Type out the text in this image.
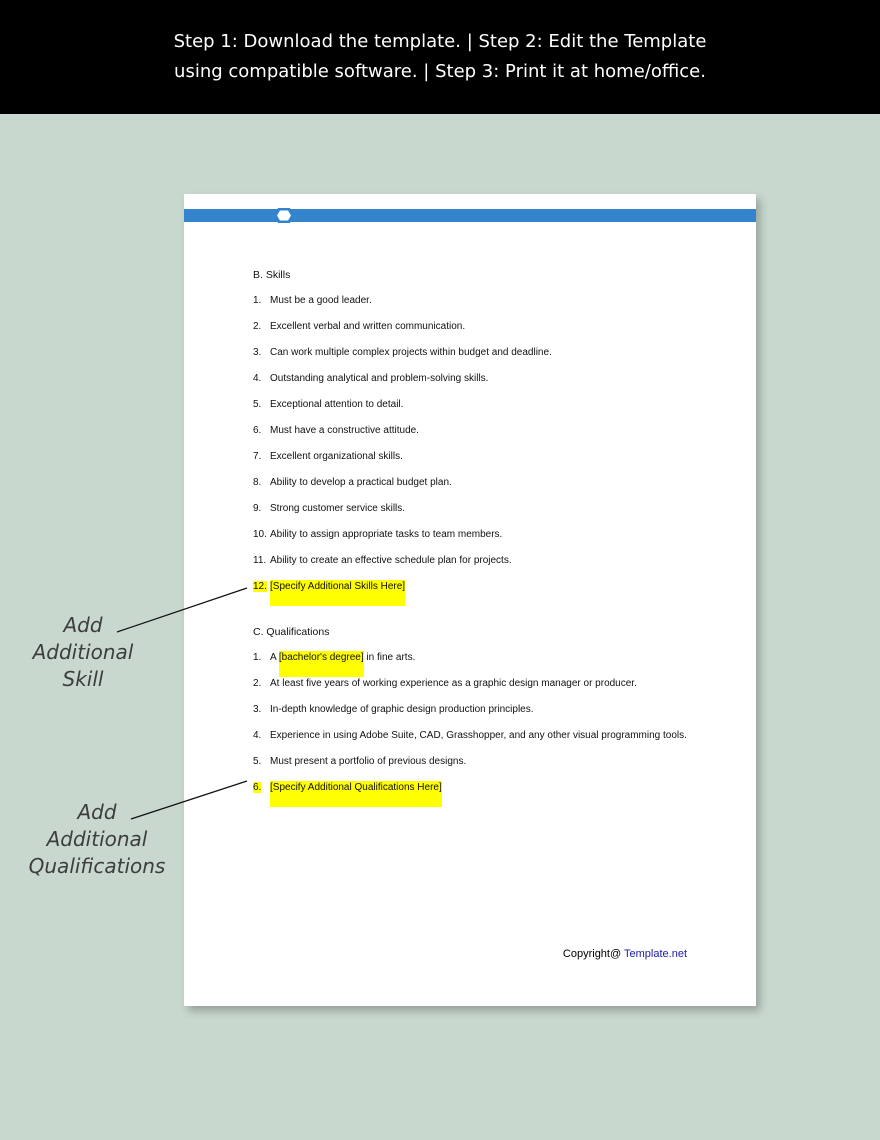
Step 1: Download the template. | Step 2: Edit the Template
using compatible software. | Step 3: Print it at home/office.
B. Skills
1. Must be a good leader.
2. Excellent verbal and written communication.
3. Can work multiple complex projects within budget and deadline.
4. Outstanding analytical and problem-solving skills.
5. Exceptional attention to detail.
6. Must have a constructive attitude.
7. Excellent organizational skills.
8. Ability to develop a practical budget plan.
9. Strong customer service skills.
10. Ability to assign appropriate tasks to team members.
11. Ability to create an effective schedule plan for projects.
12. [Specify Additional Skills Here]
C. Qualifications
1. A [bachelor's degree] in fine arts.
2. At least five years of working experience as a graphic design manager or producer.
3. In-depth knowledge of graphic design production principles.
4. Experience in using Adobe Suite, CAD, Grasshopper, and any other visual programming tools.
5. Must present a portfolio of previous designs.
6. [Specify Additional Qualifications Here]
Copyright@ Template.net
Add
Additional
Skill
Add
Additional
Qualifications
